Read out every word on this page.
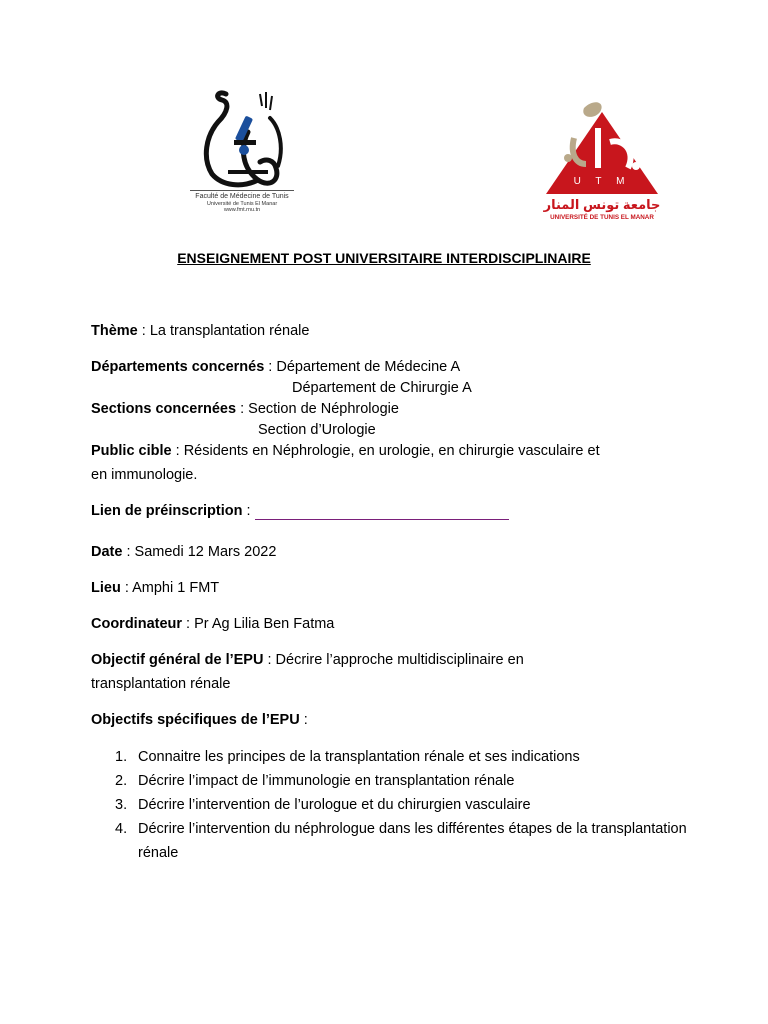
Faculté de Médecine de Tunis
Université de Tunis El Manar
www.fmt.rnu.tn
U T M
جامعة تونس المنار
UNIVERSITÉ DE TUNIS EL MANAR
ENSEIGNEMENT POST UNIVERSITAIRE INTERDISCIPLINAIRE
Thème : La transplantation rénale
Départements concernés : Département de Médecine A
Département de Chirurgie A
Sections concernées : Section de Néphrologie
Section d’Urologie
Public cible : Résidents en Néphrologie, en urologie, en chirurgie vasculaire et
en immunologie.
Lien de préinscription :
Date : Samedi 12 Mars 2022
Lieu : Amphi 1 FMT
Coordinateur : Pr Ag Lilia Ben Fatma
Objectif général de l’EPU : Décrire l’approche multidisciplinaire en
transplantation rénale
Objectifs spécifiques de l’EPU :
1. Connaitre les principes de la transplantation rénale et ses indications
2. Décrire l’impact de l’immunologie en transplantation rénale
3. Décrire l’intervention de l’urologue et du chirurgien vasculaire
4. Décrire l’intervention du néphrologue dans les différentes étapes de la transplantation rénale
